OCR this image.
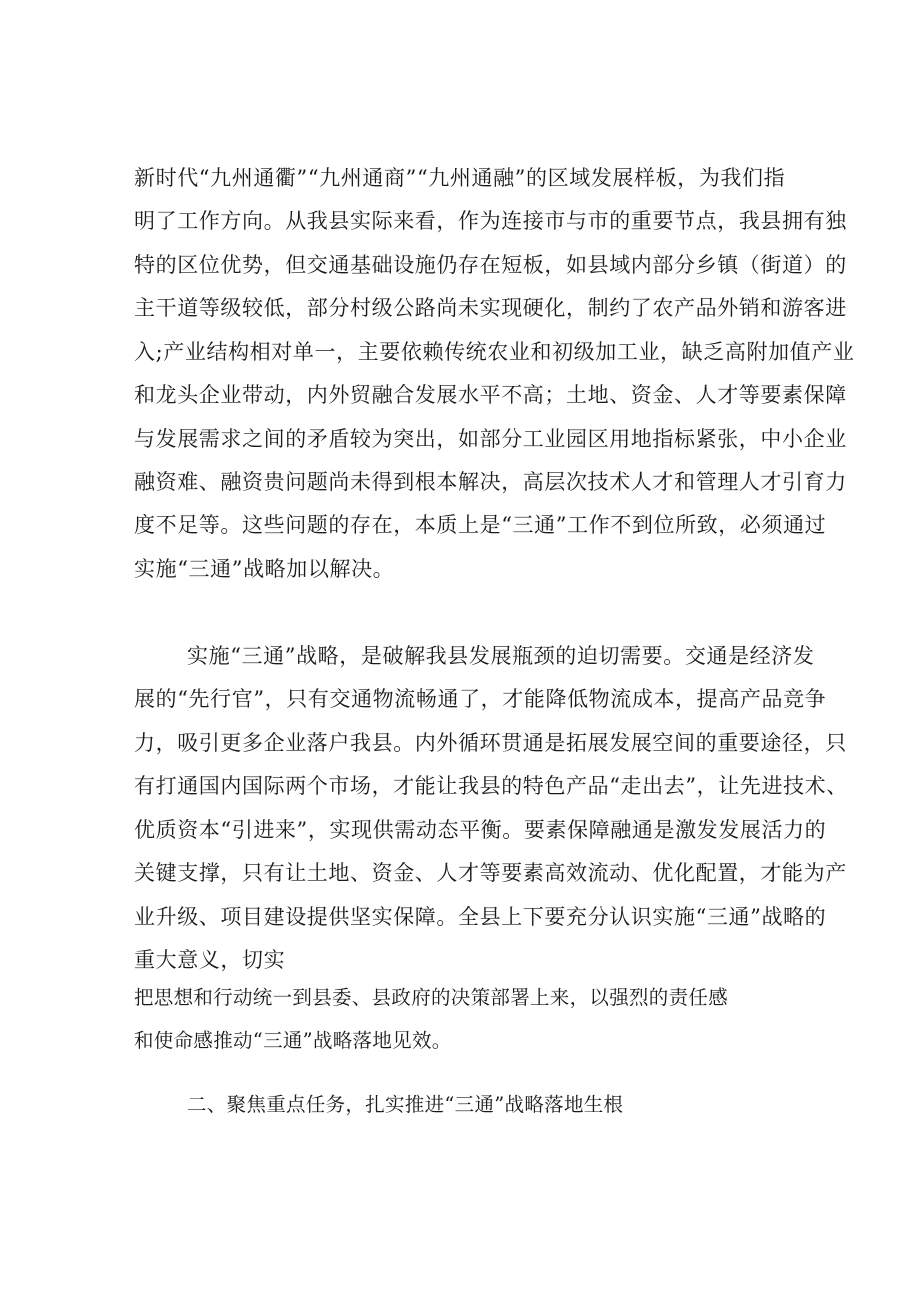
新时代“九州通衢”“九州通商”“九州通融”的区域发展样板，为我们指
明了工作方向。从我县实际来看，作为连接市与市的重要节点，我县拥有独
特的区位优势，但交通基础设施仍存在短板，如县域内部分乡镇（街道）的
主干道等级较低，部分村级公路尚未实现硬化，制约了农产品外销和游客进
入;产业结构相对单一，主要依赖传统农业和初级加工业，缺乏高附加值产业
和龙头企业带动，内外贸融合发展水平不高；土地、资金、人才等要素保障
与发展需求之间的矛盾较为突出，如部分工业园区用地指标紧张，中小企业
融资难、融资贵问题尚未得到根本解决，高层次技术人才和管理人才引育力
度不足等。这些问题的存在，本质上是“三通”工作不到位所致，必须通过
实施“三通”战略加以解决。
实施“三通”战略，是破解我县发展瓶颈的迫切需要。交通是经济发
展的“先行官”，只有交通物流畅通了，才能降低物流成本，提高产品竞争
力，吸引更多企业落户我县。内外循环贯通是拓展发展空间的重要途径，只
有打通国内国际两个市场，才能让我县的特色产品“走出去”，让先进技术、
优质资本“引进来”，实现供需动态平衡。要素保障融通是激发发展活力的
关键支撑，只有让土地、资金、人才等要素高效流动、优化配置，才能为产
业升级、项目建设提供坚实保障。全县上下要充分认识实施“三通”战略的
重大意义，切实
把思想和行动统一到县委、县政府的决策部署上来，以强烈的责任感
和使命感推动“三通”战略落地见效。
二、聚焦重点任务，扎实推进“三通”战略落地生根
